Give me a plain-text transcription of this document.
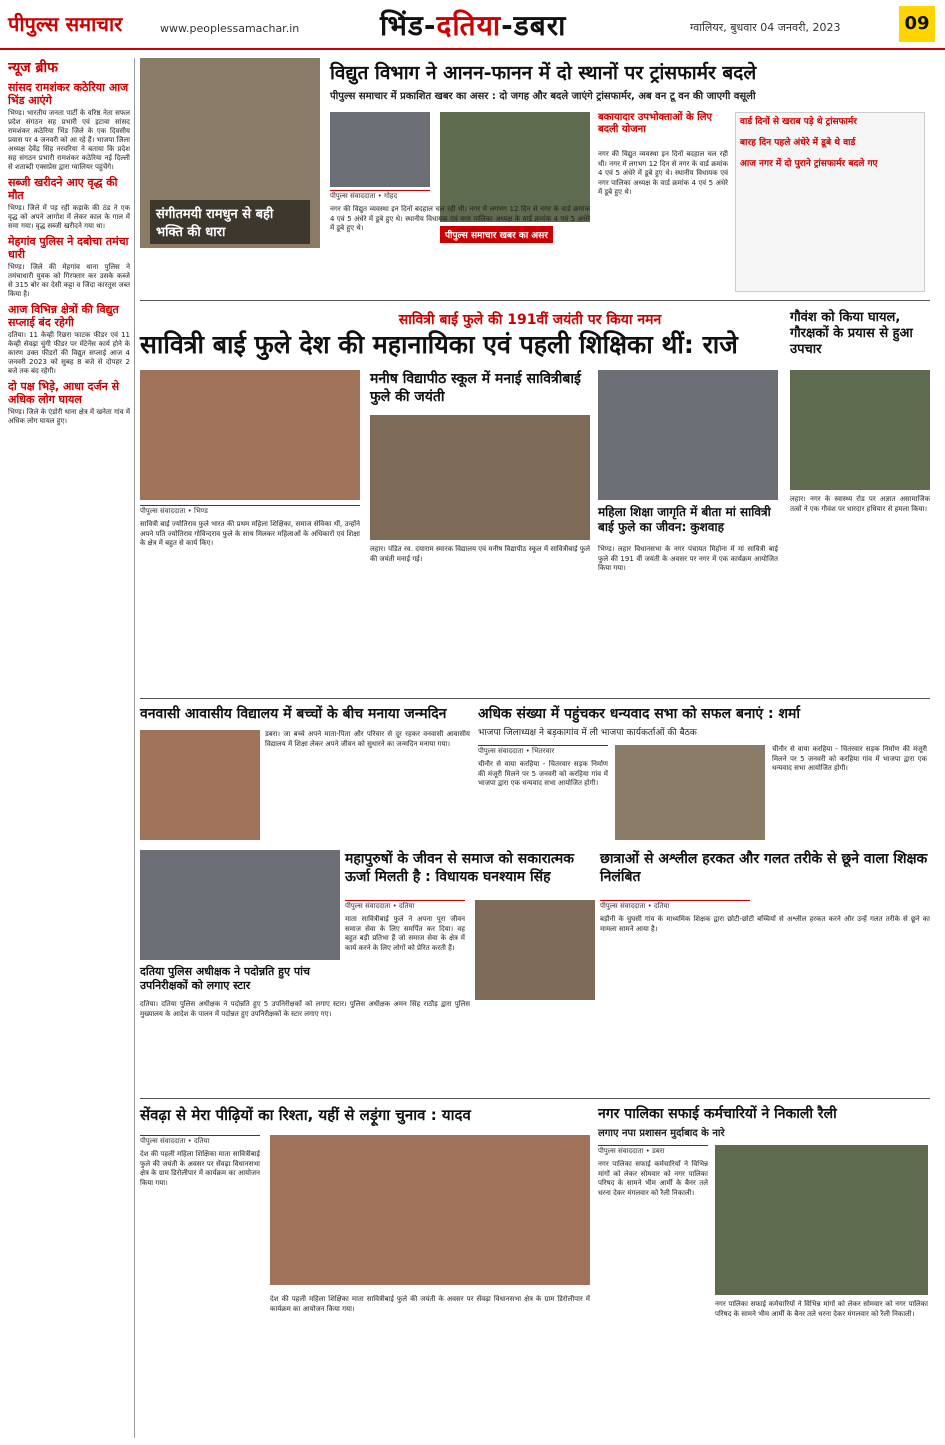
पीपुल्स समाचार	www.peoplessamachar.in	भिंड-दतिया-डबरा	ग्वालियर, बुधवार 04 जनवरी, 2023	09
न्यूज ब्रीफ
सांसद रामशंकर कठेरिया आज भिंड आएंगे

भिण्ड। भारतीय जनता पार्टी के वरिष्ठ नेता सफल प्रदेश संगठन सह प्रभारी एवं इटावा सांसद रामशंकर कठेरिया भिंड जिले के एक दिवसीय प्रवास पर 4 जनवरी को आ रहे हैं। भाजपा जिला अध्यक्ष देवेंद्र सिंह नरवरिया ने बताया कि प्रदेश सह संगठन प्रभारी रामशंकर कठेरिया नई दिल्ली से शताब्दी एक्सप्रेस द्वारा ग्वालियर पहुंचेंगे।

सब्जी खरीदने आए वृद्ध की मौत

भिण्ड। जिले में पड़ रही कड़ाके की ठंड ने एक वृद्ध को अपने आगोश में लेकर काल के गाल में समा गया। वृद्ध सब्जी खरीदने गया था।

मेहगांव पुलिस ने दबोचा तमंचा धारी

भिण्ड। जिले की मेहगांव थाना पुलिस ने तमंचाधारी युवक को गिरफ्तार कर उसके कब्जे से 315 बोर का देसी कट्टा व जिंदा कारतूस जब्त किया है।

आज विभिन्न क्षेत्रों की विद्युत सप्लाई बंद रहेगी

दतिया। 11 केव्ही रिछरा फाटक फीडर एवं 11 केव्ही सेवढ़ा चुंगी फीडर पर मेंटेनेंस कार्य होने के कारण उक्त फीडरों की विद्युत सप्लाई आज 4 जनवरी 2023 को सुबह 8 बजे से दोपहर 2 बजे तक बंद रहेगी।

दो पक्ष भिड़े, आधा दर्जन से अधिक लोग घायल

भिण्ड। जिले के एंडोरी थाना क्षेत्र में खनेता गांव में अधिक लोग घायल हुए।

संगीतमयी रामधुन से बही भक्ति की धारा
विद्युत विभाग ने आनन-फानन में दो स्थानों पर ट्रांसफार्मर बदले
पीपुल्स समाचार में प्रकाशित खबर का असर : दो जगह और बदले जाएंगे ट्रांसफार्मर, अब वन टू वन की जाएगी वसूली
पीपुल्स समाचार खबर का असर
पीपुल्स संवाददाता • गोहद
नगर की विद्युत व्यवस्था इन दिनों बदहाल चल रही थी। नगर में लगभग 12 दिन से नगर के वार्ड क्रमांक 4 एवं 5 अंधेरे में डूबे हुए थे। स्थानीय विधायक एवं नगर पालिका अध्यक्ष के वार्ड क्रमांक 4 एवं 5 अंधेरे में डूबे हुए थे।
बकायादार उपभोक्ताओं के लिए बदली योजना
नगर की विद्युत व्यवस्था इन दिनों बदहाल चल रही थी। नगर में लगभग 12 दिन से नगर के वार्ड क्रमांक 4 एवं 5 अंधेरे में डूबे हुए थे। स्थानीय विधायक एवं नगर पालिका अध्यक्ष के वार्ड क्रमांक 4 एवं 5 अंधेरे में डूबे हुए थे।
वार्ड दिनों से खराब पड़े थे ट्रांसफार्मर
बारह दिन पहले अंधेरे में डूबे थे वार्ड
आज नगर में दो पुराने ट्रांसफार्मर बदले गए
सावित्री बाई फुले की 191वीं जयंती पर किया नमन
सावित्री बाई फुले देश की महानायिका एवं पहली शिक्षिका थीं: राजे
पीपुल्स संवाददाता • भिण्ड
सावित्री बाई ज्योतिराव फुले भारत की प्रथम महिला शिक्षिका, समाज सेविका थीं, उन्होंने अपने पति ज्योतिराव गोविन्दराव फुले के साथ मिलकर महिलाओं के अधिकारों एवं शिक्षा के क्षेत्र में बहुत से कार्य किए।
मनीष विद्यापीठ स्कूल में मनाई सावित्रीबाई फुले की जयंती
लहार। पंडित रव. दयाराम स्मारक विद्यालय एवं मनीष विद्यापीठ स्कूल में सावित्रीबाई फुले की जयंती मनाई गई।
महिला शिक्षा जागृति में बीता मां सावित्री बाई फुले का जीवन: कुशवाह
भिण्ड। लहार विधानसभा के नगर पंचायत मिहोना में मां सावित्री बाई फुले की 191 वीं जयंती के अवसर पर नगर में एक कार्यक्रम आयोजित किया गया।
गौवंश को किया घायल, गौरक्षकों के प्रयास से हुआ उपचार
लहार। नगर के स्वास्थ्य रोड पर अज्ञात असामाजिक तत्वों ने एक गौवंश पर धारदार हथियार से हमला किया।
वनवासी आवासीय विद्यालय में बच्चों के बीच मनाया जन्मदिन
डबरा। जा बच्चे अपने माता-पिता और परिवार से दूर रहकर वनवासी आवासीय विद्यालय में शिक्षा लेकर अपने जीवन को सुधारने का जन्मदिन मनाया गया।
अधिक संख्या में पहुंचकर धन्यवाद सभा को सफल बनाएं : शर्मा
भाजपा जिलाध्यक्ष ने बड़कागांव में ली भाजपा कार्यकर्ताओं की बैठक
पीपुल्स संवाददाता • भितरवार
चीनौर से वाया करहिया - चितरवार सड़क निर्माण की मंजूरी मिलने पर 5 जनवरी को करहिया गांव में भाजपा द्वारा एक धन्यवाद सभा आयोजित होगी।
चीनौर से वाया करहिया - चितरवार सड़क निर्माण की मंजूरी मिलने पर 5 जनवरी को करहिया गांव में भाजपा द्वारा एक धन्यवाद सभा आयोजित होगी।
दतिया पुलिस अधीक्षक ने पदोन्नति हुए पांच उपनिरीक्षकों को लगाए स्टार
दतिया। दतिया पुलिस अधीक्षक ने पदोन्नति हुए 5 उपनिरीक्षकों को लगाए स्टार। पुलिस अधीक्षक अमन सिंह राठौड़ द्वारा पुलिस मुख्यालय के आदेश के पालन में पदोन्नत हुए उपनिरीक्षकों के स्टार लगाए गए।
महापुरुषों के जीवन से समाज को सकारात्मक ऊर्जा मिलती है : विधायक घनश्याम सिंह
पीपुल्स संवाददाता • दतिया
माता सावित्रीबाई फुले ने अपना पूरा जीवन समाज सेवा के लिए समर्पित कर दिया। वह बहुत बड़ी प्रतिभा हैं जो समाज सेवा के क्षेत्र में कार्य करने के लिए लोगों को प्रेरित करती हैं।
छात्राओं से अश्लील हरकत और गलत तरीके से छूने वाला शिक्षक निलंबित
पीपुल्स संवाददाता • दतिया
बड़ौनी के घुघसी गांव के माध्यमिक शिक्षक द्वारा छोटी-छोटी बच्चियों से अश्लील हरकत करने और उन्हें गलत तरीके से छूने का मामला सामने आया है।
सेंवढ़ा से मेरा पीढ़ियों का रिश्ता, यहीं से लड़ूंगा चुनाव : यादव
पीपुल्स संवाददाता • दतिया
देश की पहली महिला शिक्षिका माता सावित्रीबाई फुले की जयंती के अवसर पर सेंवढ़ा विधानसभा क्षेत्र के ग्राम डिरोलीपार में कार्यक्रम का आयोजन किया गया।
देश की पहली महिला शिक्षिका माता सावित्रीबाई फुले की जयंती के अवसर पर सेंवढ़ा विधानसभा क्षेत्र के ग्राम डिरोलीपार में कार्यक्रम का आयोजन किया गया।
नगर पालिका सफाई कर्मचारियों ने निकाली रैली
लगाए नपा प्रशासन मुर्दाबाद के नारे
पीपुल्स संवाददाता • डबरा
नगर पालिका सफाई कर्मचारियों ने विभिन्न मांगों को लेकर सोमवार को नगर पालिका परिषद के सामने भीम आर्मी के बैनर तले धरना देकर मंगलवार को रैली निकाली।
नगर पालिका सफाई कर्मचारियों ने विभिन्न मांगों को लेकर सोमवार को नगर पालिका परिषद के सामने भीम आर्मी के बैनर तले धरना देकर मंगलवार को रैली निकाली।
